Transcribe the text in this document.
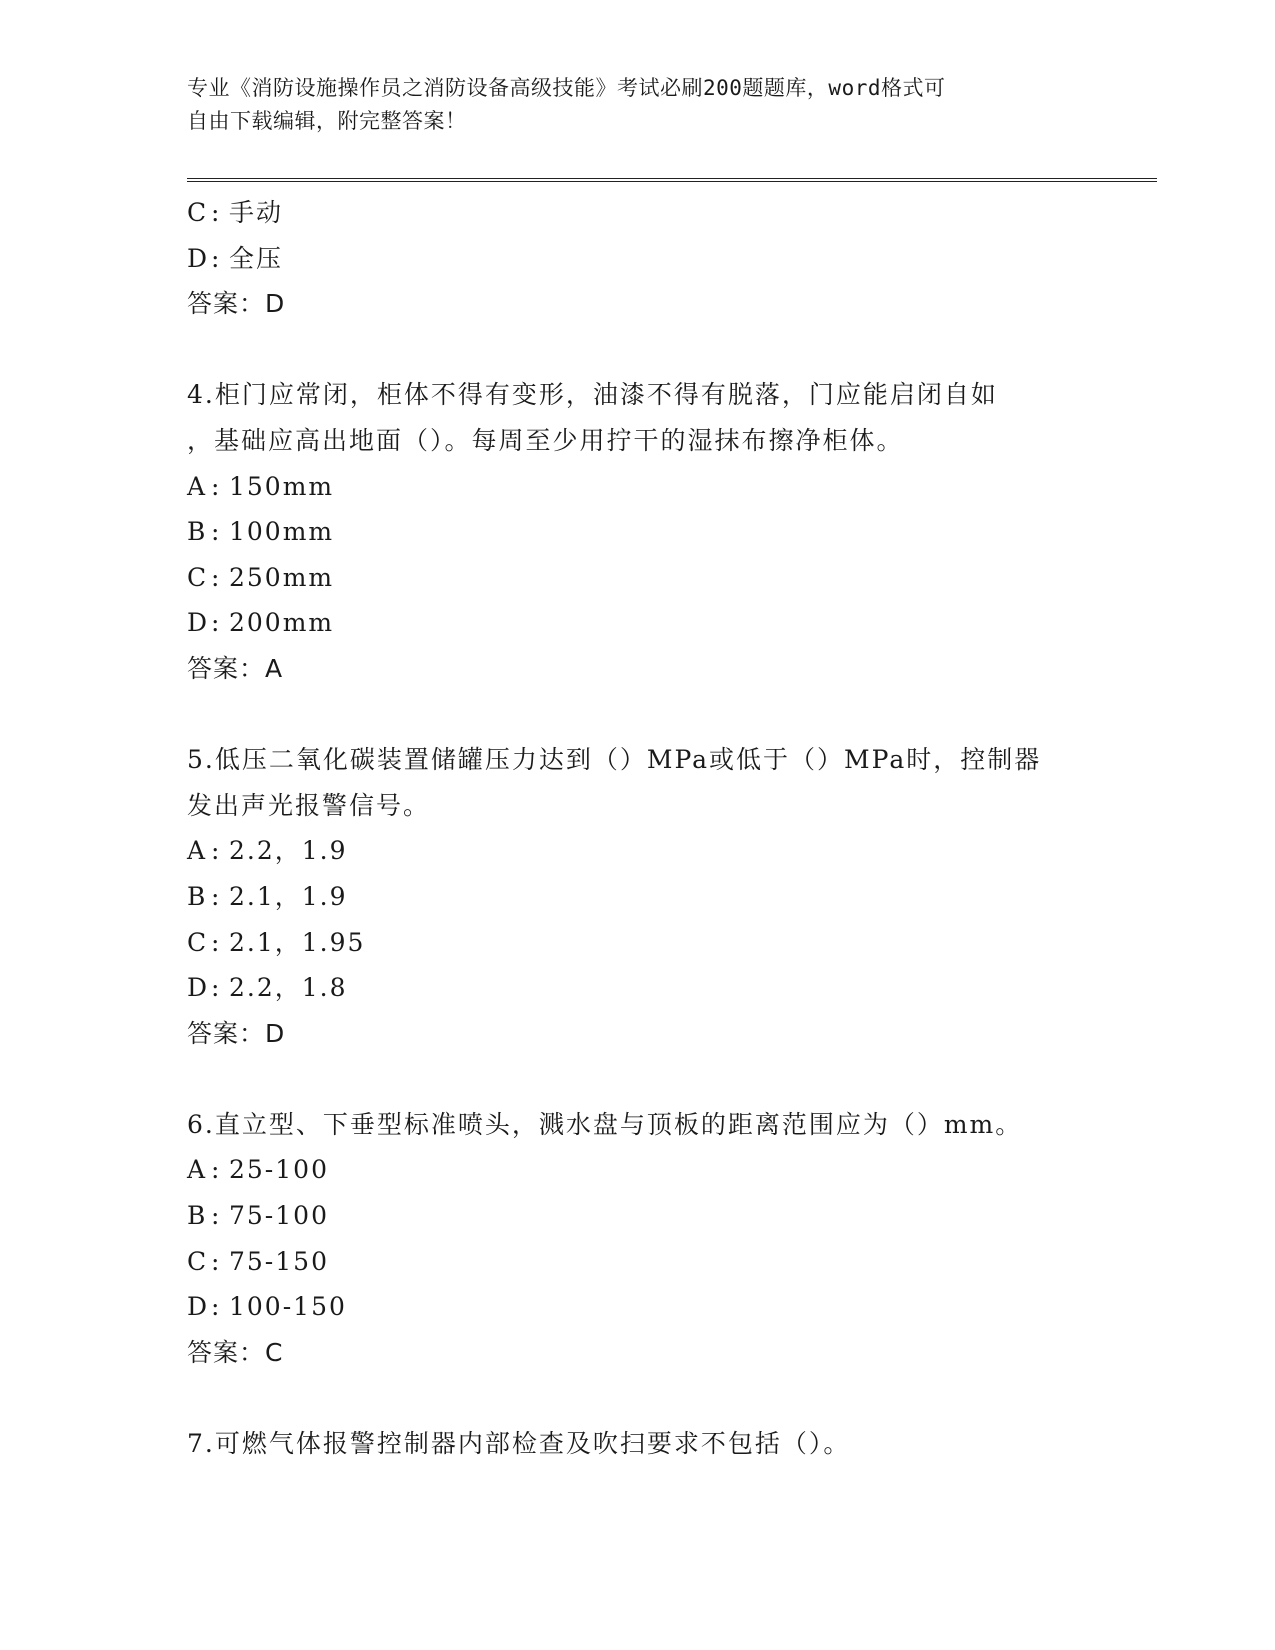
专业《消防设施操作员之消防设备高级技能》考试必刷200题题库，word格式可
自由下载编辑，附完整答案！
C : 手动
D: 全压
答案：D
4.柜门应常闭，柜体不得有变形，油漆不得有脱落，门应能启闭自如
，基础应高出地面（）。每周至少用拧干的湿抹布擦净柜体。
A : 150mm
B : 100mm
C : 250mm
D: 200mm
答案：A
5.低压二氧化碳装置储罐压力达到（）MPa或低于（）MPa时，控制器
发出声光报警信号。
A : 2.2，1.9
B : 2.1，1.9
C : 2.1，1.95
D: 2.2，1.8
答案：D
6.直立型、下垂型标准喷头，溅水盘与顶板的距离范围应为（）mm。
A : 25-100
B : 75-100
C : 75-150
D: 100-150
答案：C
7.可燃气体报警控制器内部检查及吹扫要求不包括（）。
